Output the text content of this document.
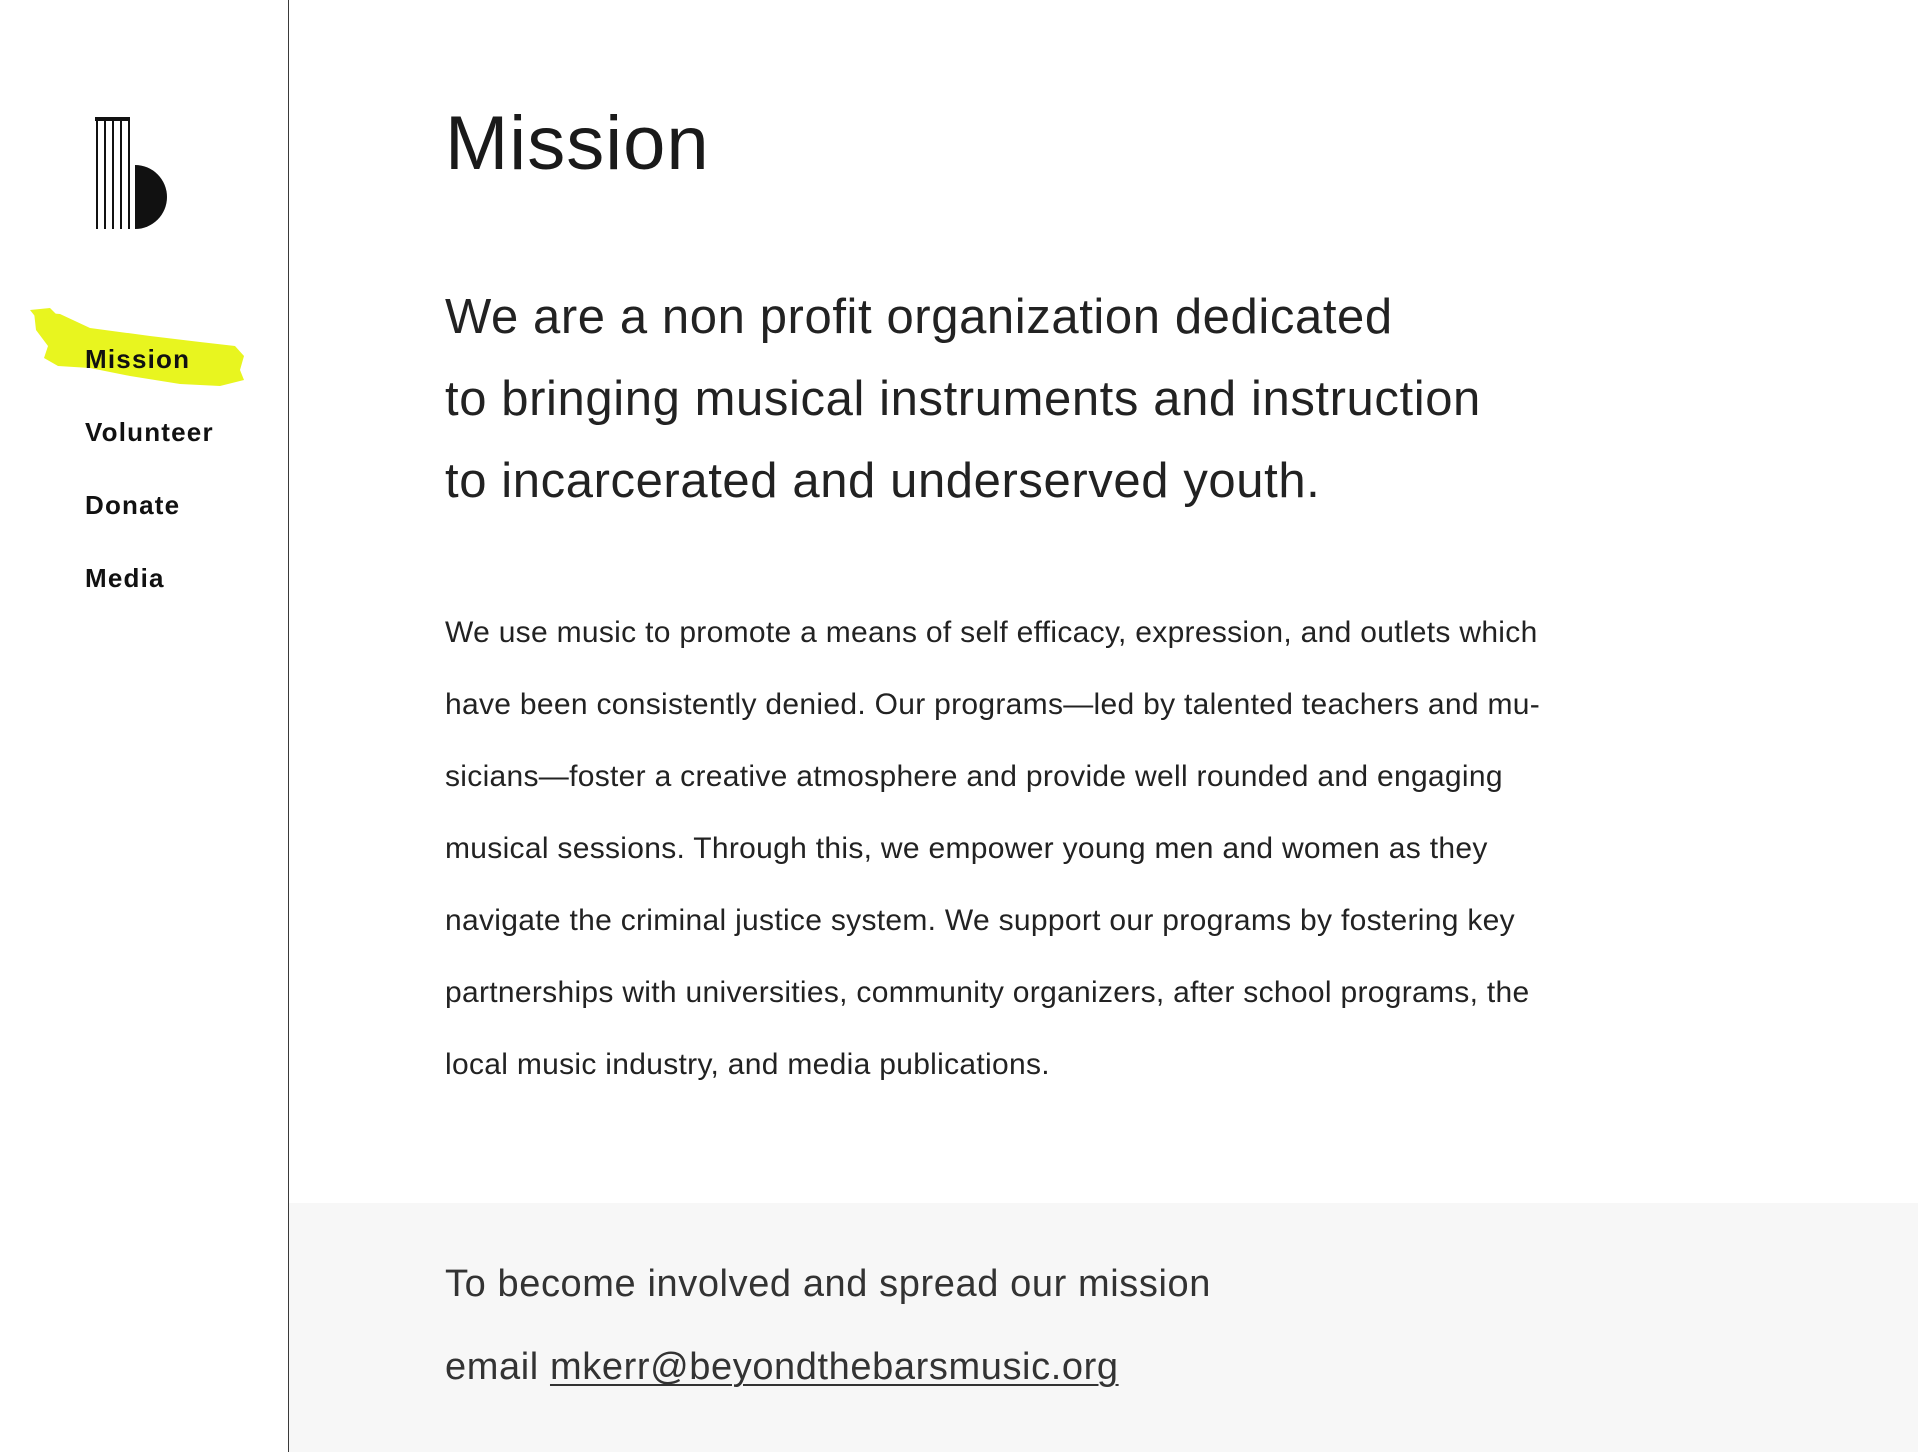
Mission
Volunteer
Donate
Media
Mission
We are a non profit organization dedicated
to bringing musical instruments and instruction
to incarcerated and underserved youth.
We use music to promote a means of self efficacy, expression, and outlets which
have been consistently denied. Our programs—led by talented teachers and mu-
sicians—foster a creative atmosphere and provide well rounded and engaging
musical sessions. Through this, we empower young men and women as they
navigate the criminal justice system. We support our programs by fostering key
partnerships with universities, community organizers, after school programs, the
local music industry, and media publications.
To become involved and spread our mission
email mkerr@beyondthebarsmusic.org
